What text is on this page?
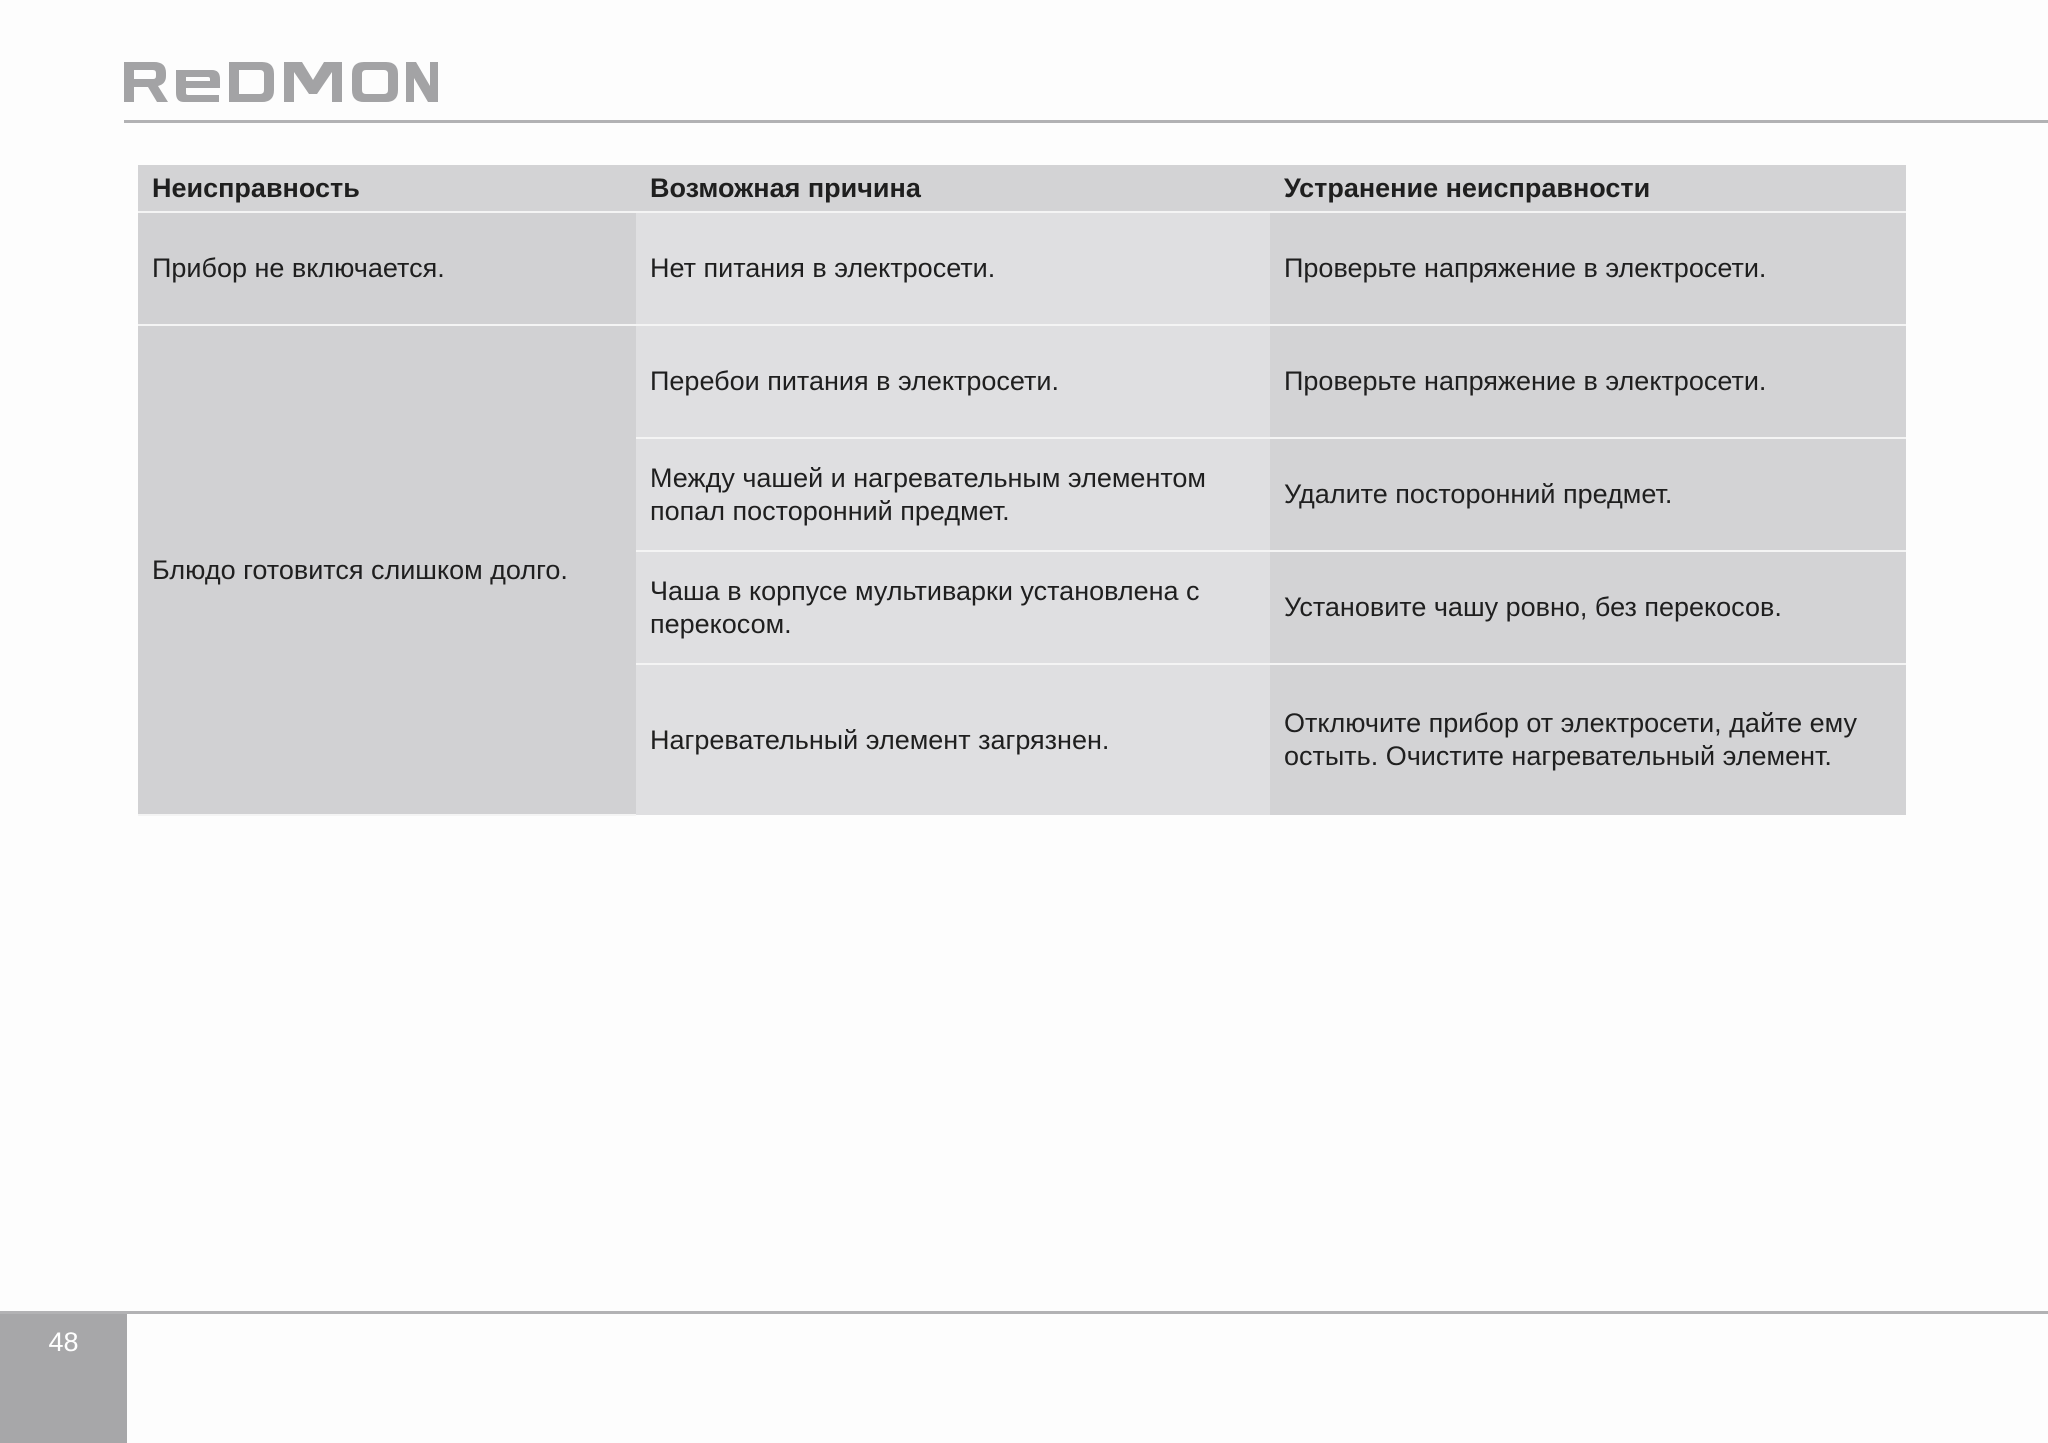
Неисправность	Возможная причина	Устранение неисправности
Прибор не включается.	Нет питания в электросети.	Проверьте напряжение в электросети.
Блюдо готовится слишком долго.	Перебои питания в электросети.	Проверьте напряжение в электросети.
	Между чашей и нагревательным элементом попал посторонний предмет.	Удалите посторонний предмет.
	Чаша в корпусе мультиварки установлена с перекосом.	Установите чашу ровно, без перекосов.
	Нагревательный элемент загрязнен.	Отключите прибор от электросети, дайте ему остыть. Очистите нагревательный элемент.
48
